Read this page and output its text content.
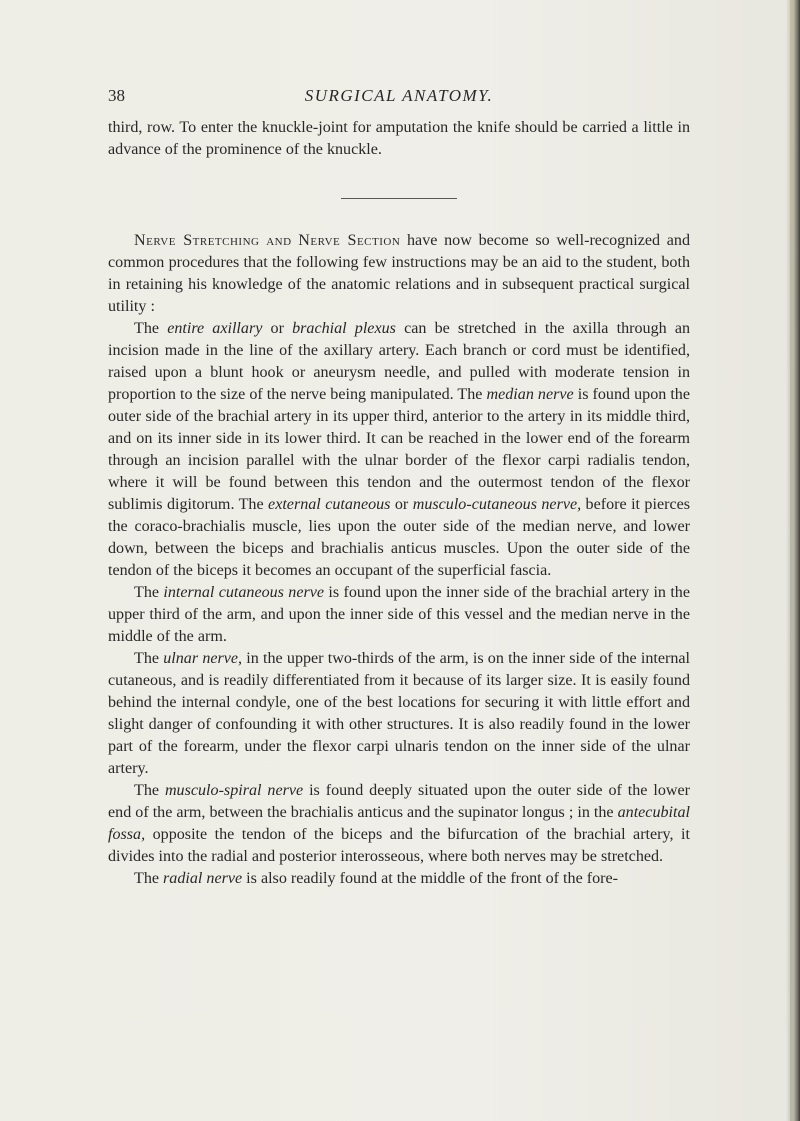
38	SURGICAL ANATOMY.

third, row. To enter the knuckle-joint for amputation the knife should be carried a little in advance of the prominence of the knuckle.

Nerve Stretching and Nerve Section have now become so well-recognized and common procedures that the following few instructions may be an aid to the student, both in retaining his knowledge of the anatomic relations and in subsequent practical surgical utility :

The entire axillary or brachial plexus can be stretched in the axilla through an incision made in the line of the axillary artery. Each branch or cord must be identified, raised upon a blunt hook or aneurysm needle, and pulled with moderate tension in proportion to the size of the nerve being manipulated. The median nerve is found upon the outer side of the brachial artery in its upper third, anterior to the artery in its middle third, and on its inner side in its lower third. It can be reached in the lower end of the forearm through an incision parallel with the ulnar border of the flexor carpi radialis tendon, where it will be found between this tendon and the outermost tendon of the flexor sublimis digitorum. The external cutaneous or musculo-cutaneous nerve, before it pierces the coraco-brachialis muscle, lies upon the outer side of the median nerve, and lower down, between the biceps and brachialis anticus muscles. Upon the outer side of the tendon of the biceps it becomes an occupant of the superficial fascia.

The internal cutaneous nerve is found upon the inner side of the brachial artery in the upper third of the arm, and upon the inner side of this vessel and the median nerve in the middle of the arm.

The ulnar nerve, in the upper two-thirds of the arm, is on the inner side of the internal cutaneous, and is readily differentiated from it because of its larger size. It is easily found behind the internal condyle, one of the best locations for securing it with little effort and slight danger of confounding it with other structures. It is also readily found in the lower part of the forearm, under the flexor carpi ulnaris tendon on the inner side of the ulnar artery.

The musculo-spiral nerve is found deeply situated upon the outer side of the lower end of the arm, between the brachialis anticus and the supinator longus ; in the antecubital fossa, opposite the tendon of the biceps and the bifurcation of the brachial artery, it divides into the radial and posterior interosseous, where both nerves may be stretched.

The radial nerve is also readily found at the middle of the front of the fore-
